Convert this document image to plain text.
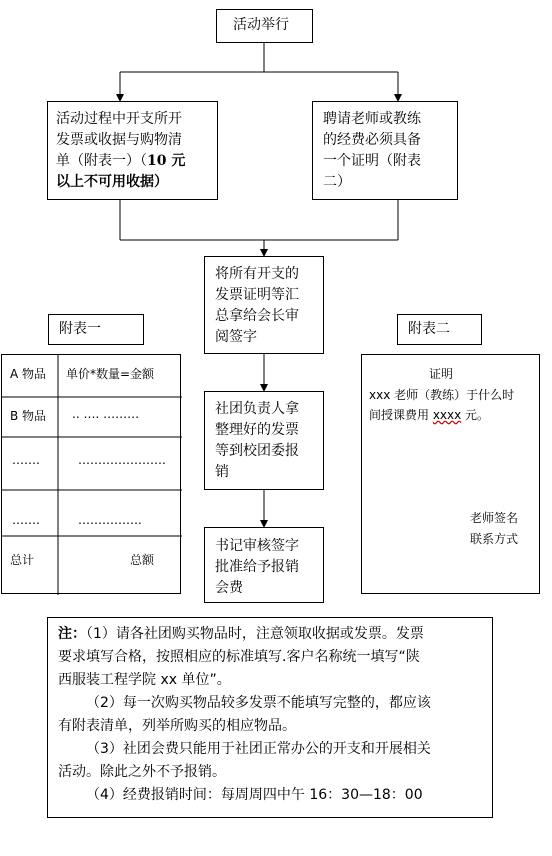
活动举行
活动过程中开支所开
发票或收据与购物清
单（附表一）（10 元
以上不可用收据）
聘请老师或教练
的经费必须具备
一个证明（附表
二）
将所有开支的
发票证明等汇
总拿给会长审
阅签字
社团负责人拿
整理好的发票
等到校团委报
销
书记审核签字
批准给予报销
会费
附表一
A 物品 单价*数量=金额
B 物品 .. …. ………
…….	………………….
…….	…………….
总计	总额
附表二
证明
xxx 老师（教练）于什么时
间授课费用 xxxx 元。
老师签名
联系方式
注：（1）请各社团购买物品时，注意领取收据或发票。发票
要求填写合格，按照相应的标准填写.客户名称统一填写“陕
西服装工程学院 xx 单位”。
（2）每一次购买物品较多发票不能填写完整的，都应该
有附表清单，列举所购买的相应物品。
（3）社团会费只能用于社团正常办公的开支和开展相关
活动。除此之外不予报销。
（4）经费报销时间：每周周四中午 16：30—18：00
